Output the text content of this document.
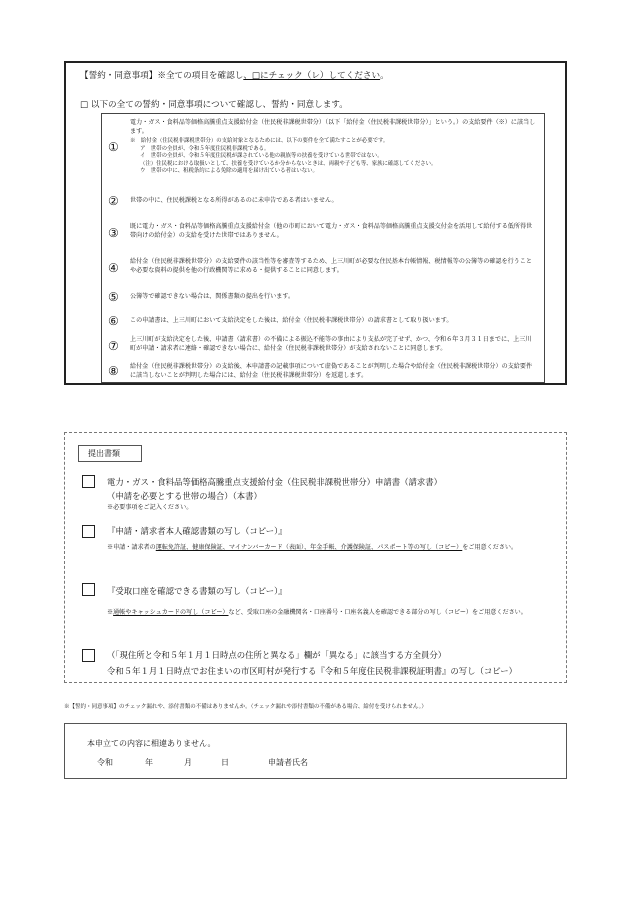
【誓約・同意事項】※全ての項目を確認し、□にチェック（レ）してください。
□ 以下の全ての誓約・同意事項について確認し、誓約・同意します。
①
電力・ガス・食料品等価格高騰重点支援給付金（住民税非課税世帯分）（以下「給付金（住民税非課税世帯分）」という。）の支給要件（※）に該当します。
※　給付金（住民税非課税世帯分）の支給対象となるためには、以下の要件を全て満たすことが必要です。
ア　世帯の全員が、令和５年度住民税非課税である。
イ　世帯の全員が、令和５年度住民税が課されている他の親族等の扶養を受けている世帯ではない。
（注）住民税における取扱いとして、扶養を受けているか分からないときは、両親や子ども等、家族に確認してください。
ウ　世帯の中に、租税条約による免除の適用を届け出ている者はいない。
② 世帯の中に、住民税課税となる所得があるのに未申告である者はいません。
③ 既に電力・ガス・食料品等価格高騰重点支援給付金（他の市町において電力・ガス・食料品等価格高騰重点支援交付金を活用して給付する低所得世帯向けの給付金）の支給を受けた世帯ではありません。
④ 給付金（住民税非課税世帯分）の支給要件の該当性等を審査等するため、上三川町が必要な住民基本台帳情報、税情報等の公簿等の確認を行うことや必要な資料の提供を他の行政機関等に求める・提供することに同意します。
⑤ 公簿等で確認できない場合は、関係書類の提出を行います。
⑥ この申請書は、上三川町において支給決定をした後は、給付金（住民税非課税世帯分）の請求書として取り扱います。
⑦ 上三川町が支給決定をした後、申請書（請求書）の不備による振込不能等の事由により支払が完了せず、かつ、令和６年３月３１日までに、上三川町が申請・請求者に連絡・確認できない場合に、給付金（住民税非課税世帯分）が支給されないことに同意します。
⑧ 給付金（住民税非課税世帯分）の支給後、本申請書の記載事項について虚偽であることが判明した場合や給付金（住民税非課税世帯分）の支給要件に該当しないことが判明した場合には、給付金（住民税非課税世帯分）を返還します。
提出書類
電力・ガス・食料品等価格高騰重点支援給付金（住民税非課税世帯分）申請書（請求書）
（申請を必要とする世帯の場合）（本書）
※必要事項をご記入ください。
『申請・請求者本人確認書類の写し（コピー）』
※申請・請求者の運転免許証、健康保険証、マイナンバーカード（表面）、年金手帳、介護保険証、パスポート等の写し（コピー）をご用意ください。
『受取口座を確認できる書類の写し（コピー）』
※通帳やキャッシュカードの写し（コピー）など、受取口座の金融機関名・口座番号・口座名義人を確認できる部分の写し（コピー）をご用意ください。
（「現住所と令和５年１月１日時点の住所と異なる」欄が「異なる」に該当する方全員分）
令和５年１月１日時点でお住まいの市区町村が発行する『令和５年度住民税非課税証明書』の写し（コピー）
※【誓約・同意事項】のチェック漏れや、添付書類の不備はありませんか。（チェック漏れや添付書類の不備がある場合、給付を受けられません。）
本申立ての内容に相違ありません。
令和	年	月	日	申請者氏名
